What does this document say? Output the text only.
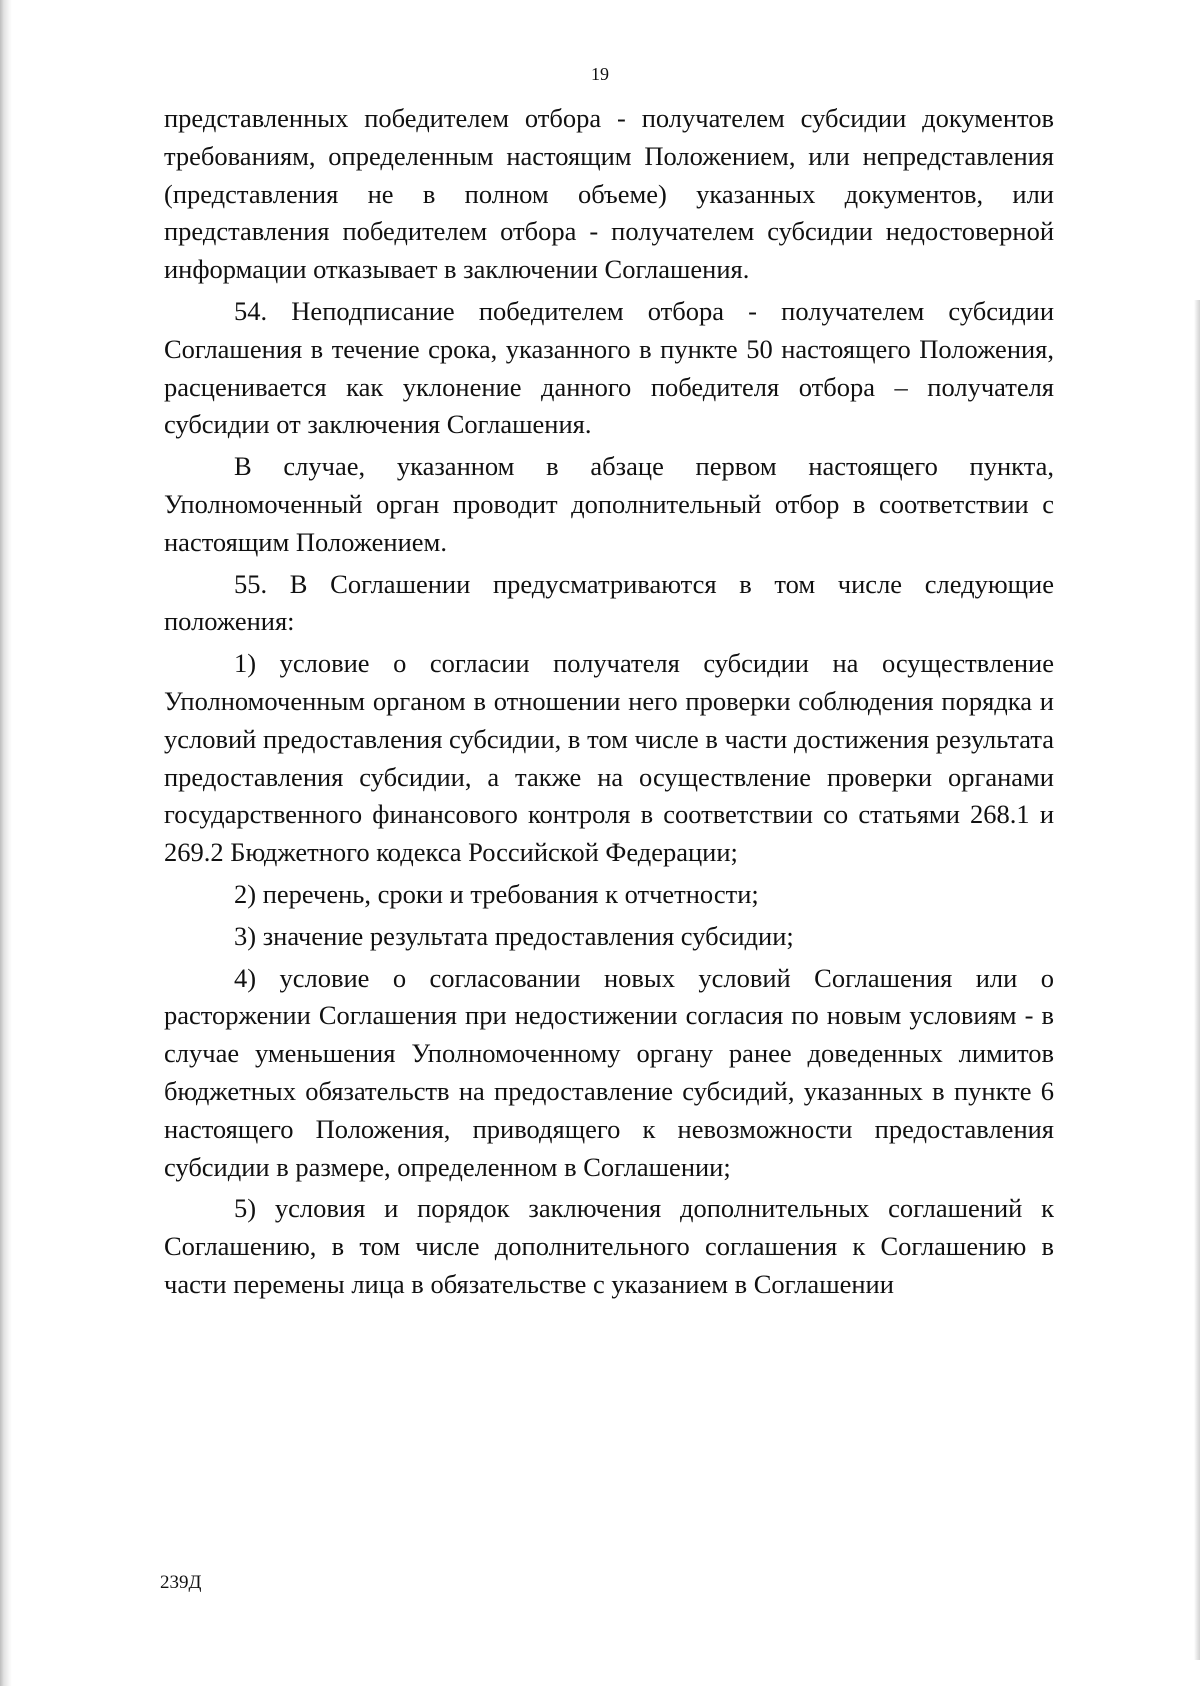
19

представленных победителем отбора - получателем субсидии документов требованиям, определенным настоящим Положением, или непредставления (представления не в полном объеме) указанных документов, или представления победителем отбора - получателем субсидии недостоверной информации отказывает в заключении Соглашения.

54. Неподписание победителем отбора - получателем субсидии Соглашения в течение срока, указанного в пункте 50 настоящего Положения, расценивается как уклонение данного победителя отбора – получателя субсидии от заключения Соглашения.

В случае, указанном в абзаце первом настоящего пункта, Уполномоченный орган проводит дополнительный отбор в соответствии с настоящим Положением.

55. В Соглашении предусматриваются в том числе следующие положения:

1) условие о согласии получателя субсидии на осуществление Уполномоченным органом в отношении него проверки соблюдения порядка и условий предоставления субсидии, в том числе в части достижения результата предоставления субсидии, а также на осуществление проверки органами государственного финансового контроля в соответствии со статьями 268.1 и 269.2 Бюджетного кодекса Российской Федерации;

2) перечень, сроки и требования к отчетности;

3) значение результата предоставления субсидии;

4) условие о согласовании новых условий Соглашения или о расторжении Соглашения при недостижении согласия по новым условиям - в случае уменьшения Уполномоченному органу ранее доведенных лимитов бюджетных обязательств на предоставление субсидий, указанных в пункте 6 настоящего Положения, приводящего к невозможности предоставления субсидии в размере, определенном в Соглашении;

5) условия и порядок заключения дополнительных соглашений к Соглашению, в том числе дополнительного соглашения к Соглашению в части перемены лица в обязательстве с указанием в Соглашении

239Д
